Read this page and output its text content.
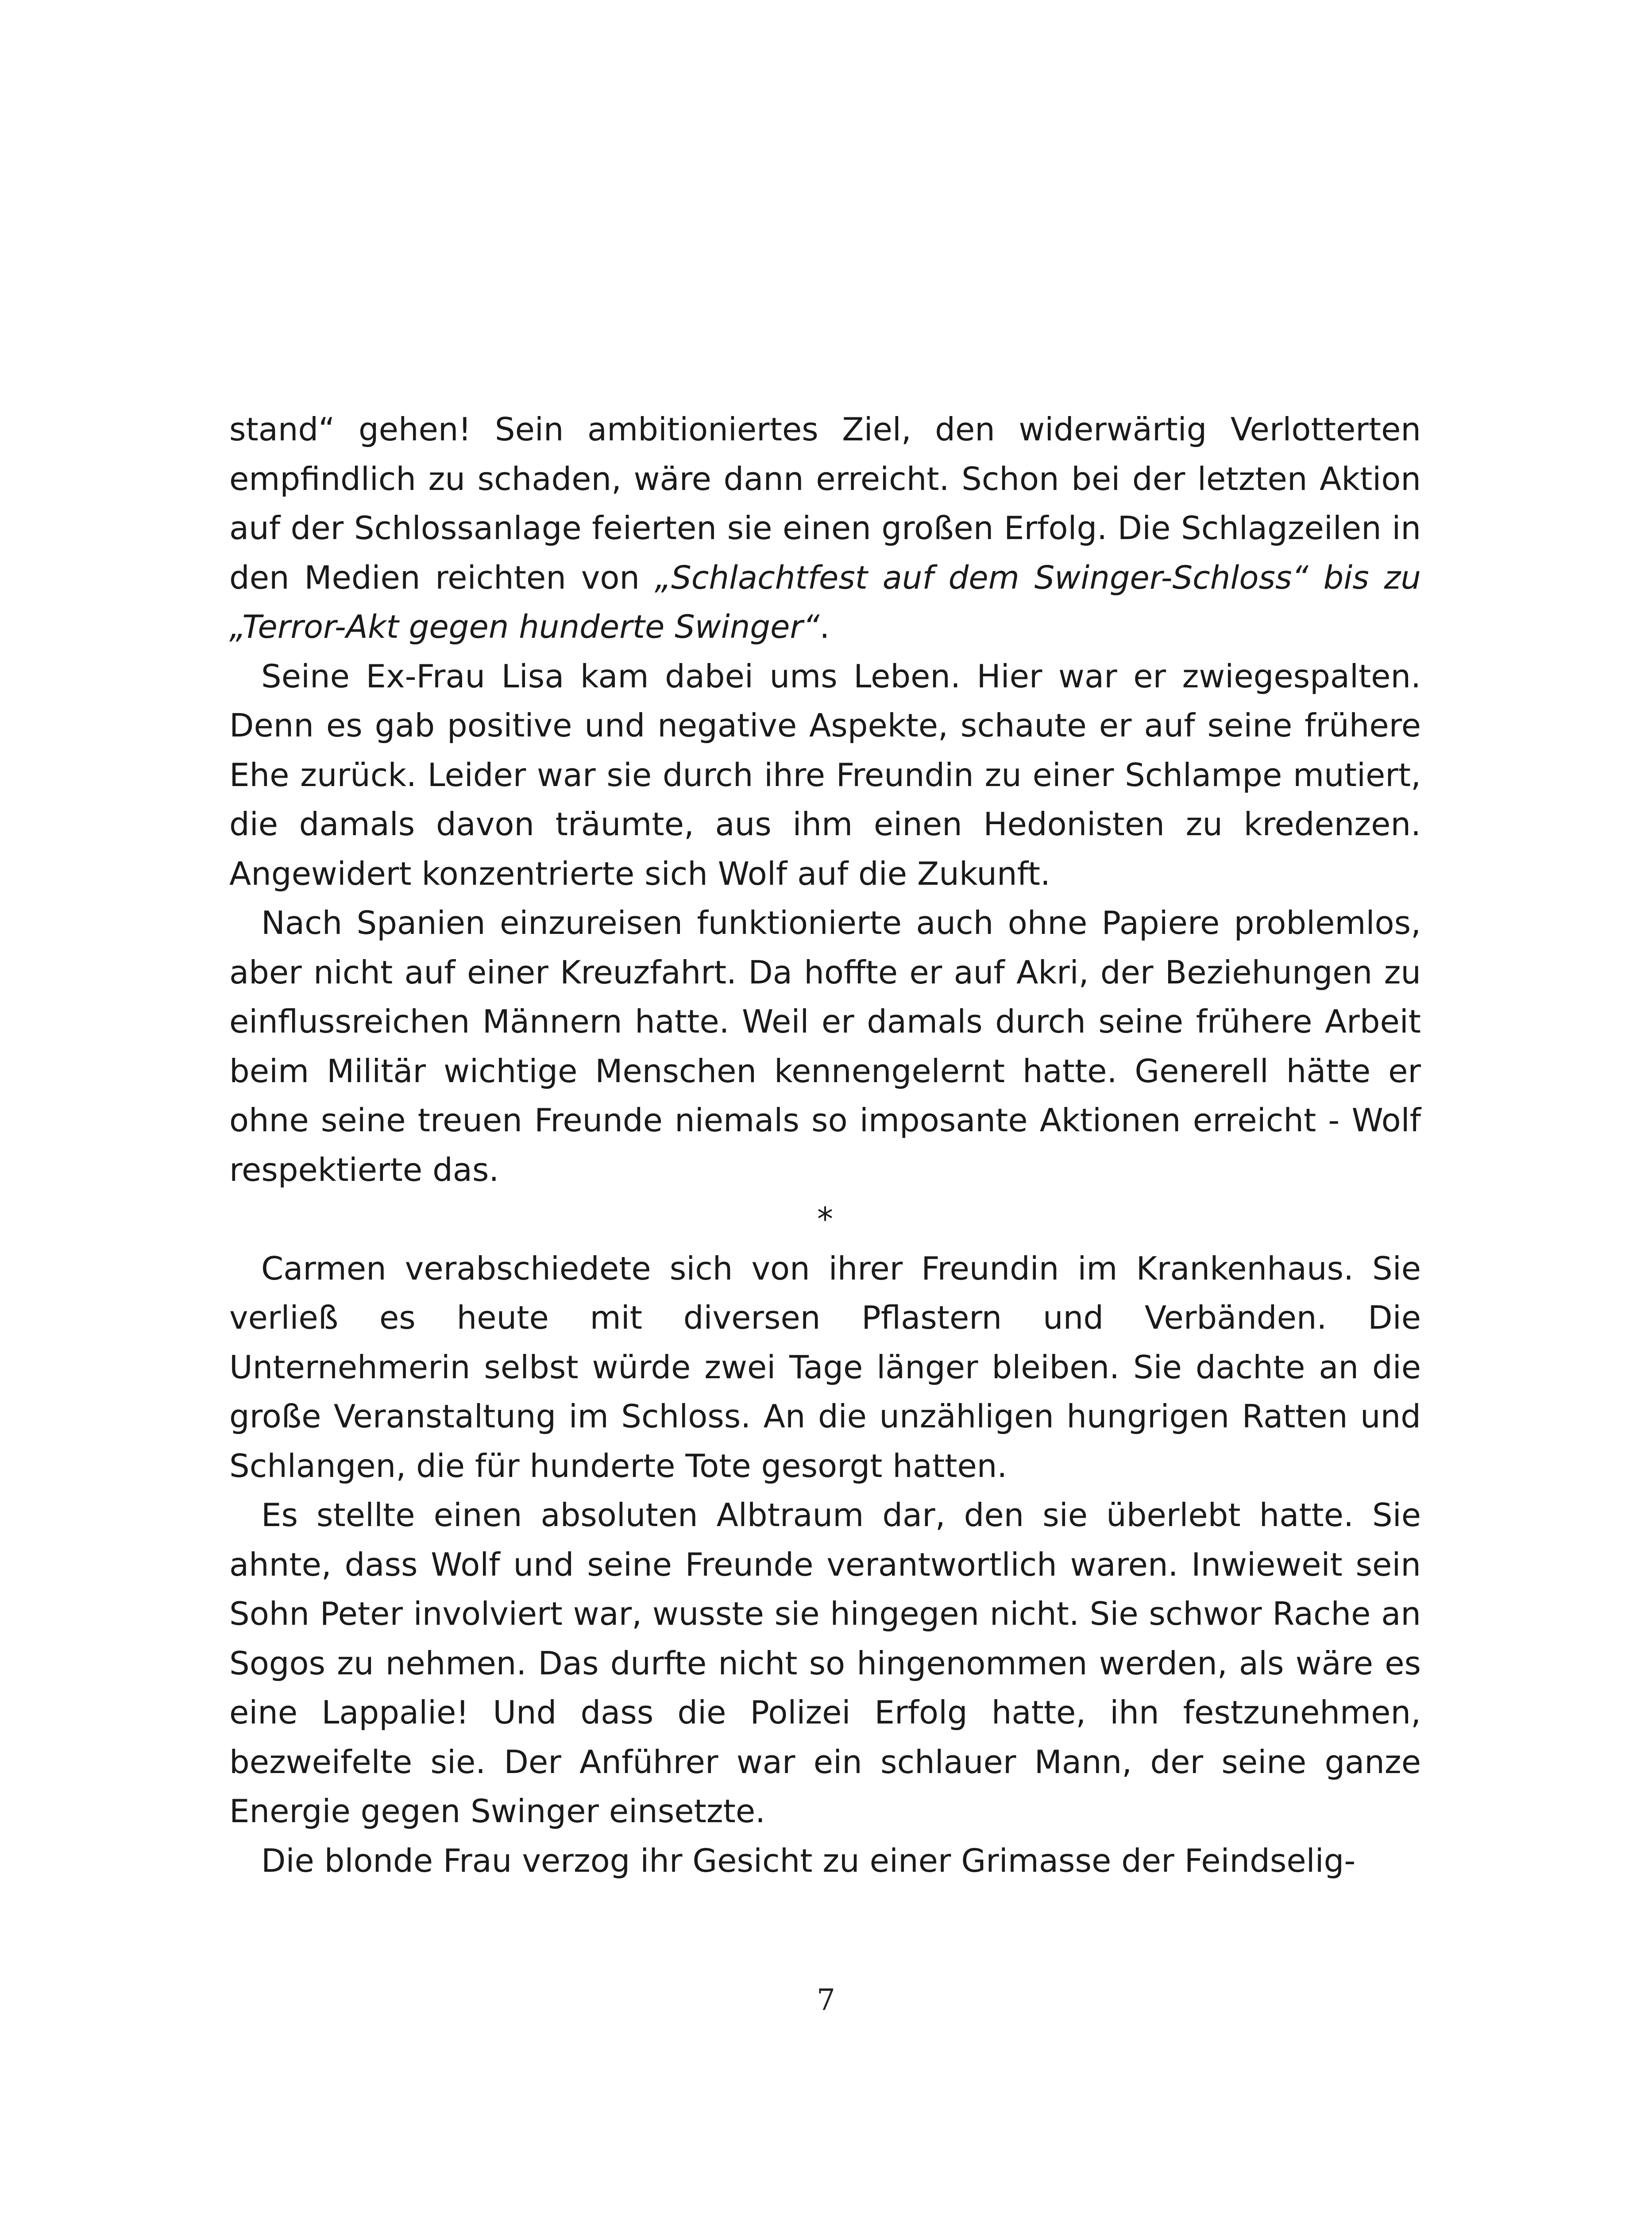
stand“ gehen! Sein ambitioniertes Ziel, den widerwärtig Verlotterten empfindlich zu schaden, wäre dann erreicht. Schon bei der letzten Aktion auf der Schlossanlage feierten sie einen großen Erfolg. Die Schlagzeilen in den Medien reichten von „Schlachtfest auf dem Swinger-Schloss“ bis zu „Terror-Akt gegen hunderte Swinger“.

Seine Ex-Frau Lisa kam dabei ums Leben. Hier war er zwiegespalten. Denn es gab positive und negative Aspekte, schaute er auf seine frühere Ehe zurück. Leider war sie durch ihre Freundin zu einer Schlampe mutiert, die damals davon träumte, aus ihm einen Hedonisten zu kredenzen. Angewidert konzentrierte sich Wolf auf die Zukunft.

Nach Spanien einzureisen funktionierte auch ohne Papiere problemlos, aber nicht auf einer Kreuzfahrt. Da hoffte er auf Akri, der Beziehungen zu einflussreichen Männern hatte. Weil er damals durch seine frühere Arbeit beim Militär wichtige Menschen kennengelernt hatte. Generell hätte er ohne seine treuen Freunde niemals so imposante Aktionen erreicht - Wolf respektierte das.

*

Carmen verabschiedete sich von ihrer Freundin im Krankenhaus. Sie verließ es heute mit diversen Pflastern und Verbänden. Die Unternehmerin selbst würde zwei Tage länger bleiben. Sie dachte an die große Veranstaltung im Schloss. An die unzähligen hungrigen Ratten und Schlangen, die für hunderte Tote gesorgt hatten.

Es stellte einen absoluten Albtraum dar, den sie überlebt hatte. Sie ahnte, dass Wolf und seine Freunde verantwortlich waren. Inwieweit sein Sohn Peter involviert war, wusste sie hingegen nicht. Sie schwor Rache an Sogos zu nehmen. Das durfte nicht so hingenommen werden, als wäre es eine Lappalie! Und dass die Polizei Erfolg hatte, ihn festzunehmen, bezweifelte sie. Der Anführer war ein schlauer Mann, der seine ganze Energie gegen Swinger einsetzte.

Die blonde Frau verzog ihr Gesicht zu einer Grimasse der Feindselig-

7
